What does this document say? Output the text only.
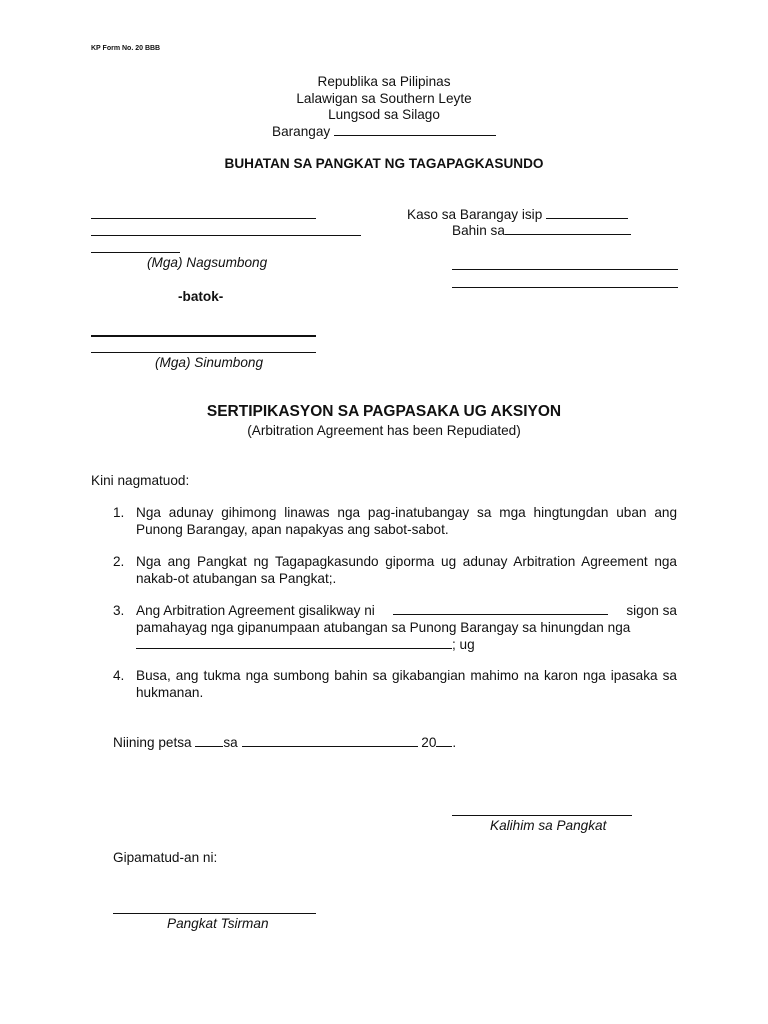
KP Form No. 20 BBB
Republika sa Pilipinas
Lalawigan sa Southern Leyte
Lungsod sa Silago
Barangay
BUHATAN SA PANGKAT NG TAGAPAGKASUNDO
(Mga) Nagsumbong
Kaso sa Barangay isip
Bahin sa
-batok-
(Mga) Sinumbong
SERTIPIKASYON SA PAGPASAKA UG AKSIYON
(Arbitration Agreement has been Repudiated)
Kini nagmatuod:
1. Nga adunay gihimong linawas nga pag-inatubangay sa mga hingtungdan uban ang Punong Barangay, apan napakyas ang sabot-sabot.
2. Nga ang Pangkat ng Tagapagkasundo giporma ug adunay Arbitration Agreement nga nakab-ot atubangan sa Pangkat;.
3. Ang Arbitration Agreement gisalikway ni	sigon sa
pamahayag nga gipanumpaan atubangan sa Punong Barangay sa hinungdan nga
; ug
4. Busa, ang tukma nga sumbong bahin sa gikabangian mahimo na karon nga ipasaka sa hukmanan.
Niining petsa sa	20 .
Kalihim sa Pangkat
Gipamatud-an ni:
Pangkat Tsirman
